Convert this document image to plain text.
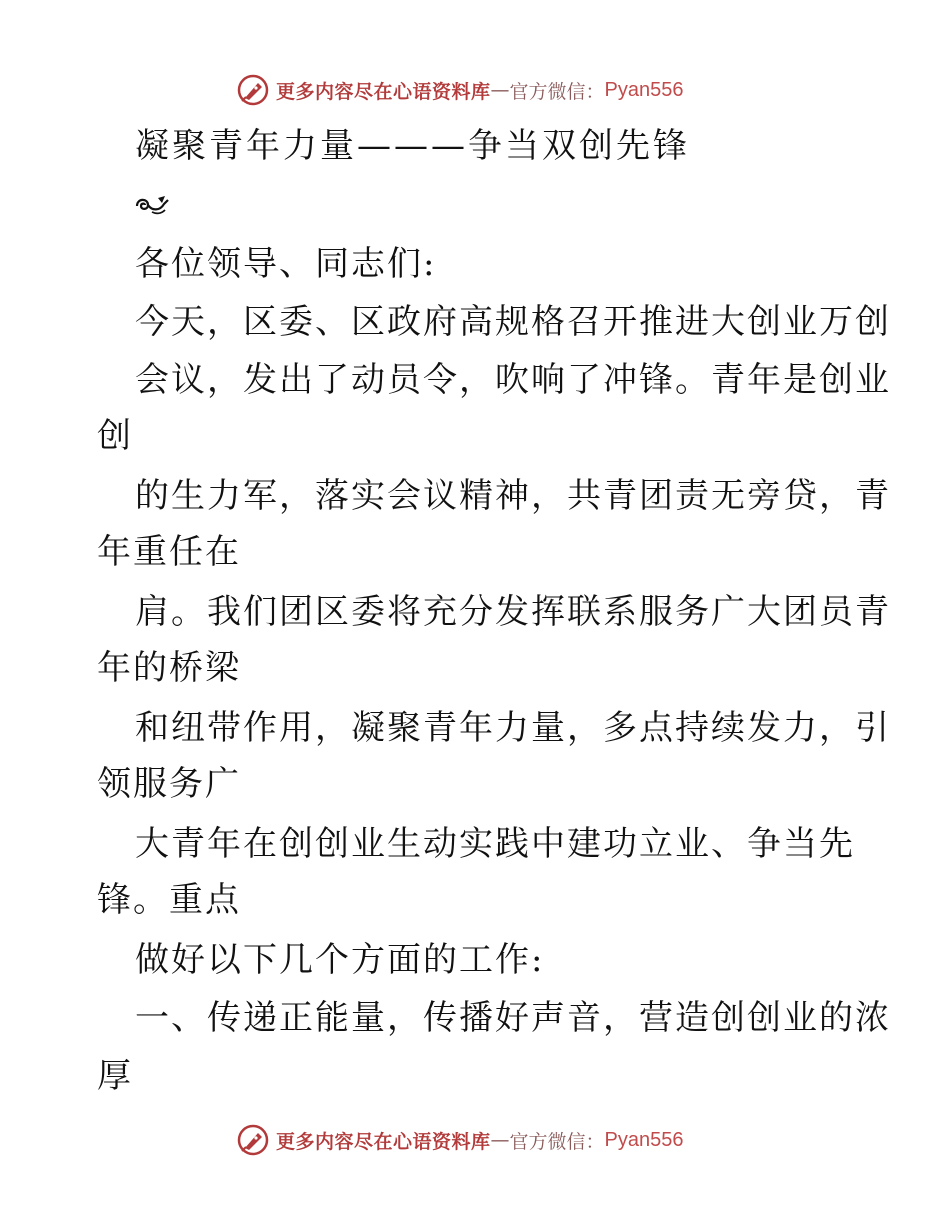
更多内容尽在心语资料库 — 官方微信： Pyan556
凝聚青年力量———争当双创先锋
各位领导、同志们:
今天，区委、区政府高规格召开推进大创业万创
会议，发出了动员令，吹响了冲锋。青年是创业
创
的生力军，落实会议精神，共青团责无旁贷，青
年重任在
肩。我们团区委将充分发挥联系服务广大团员青
年的桥梁
和纽带作用，凝聚青年力量，多点持续发力，引
领服务广
大青年在创创业生动实践中建功立业、争当先
锋。重点
做好以下几个方面的工作:
一、传递正能量，传播好声音，营造创创业的浓
厚
更多内容尽在心语资料库 — 官方微信： Pyan556
